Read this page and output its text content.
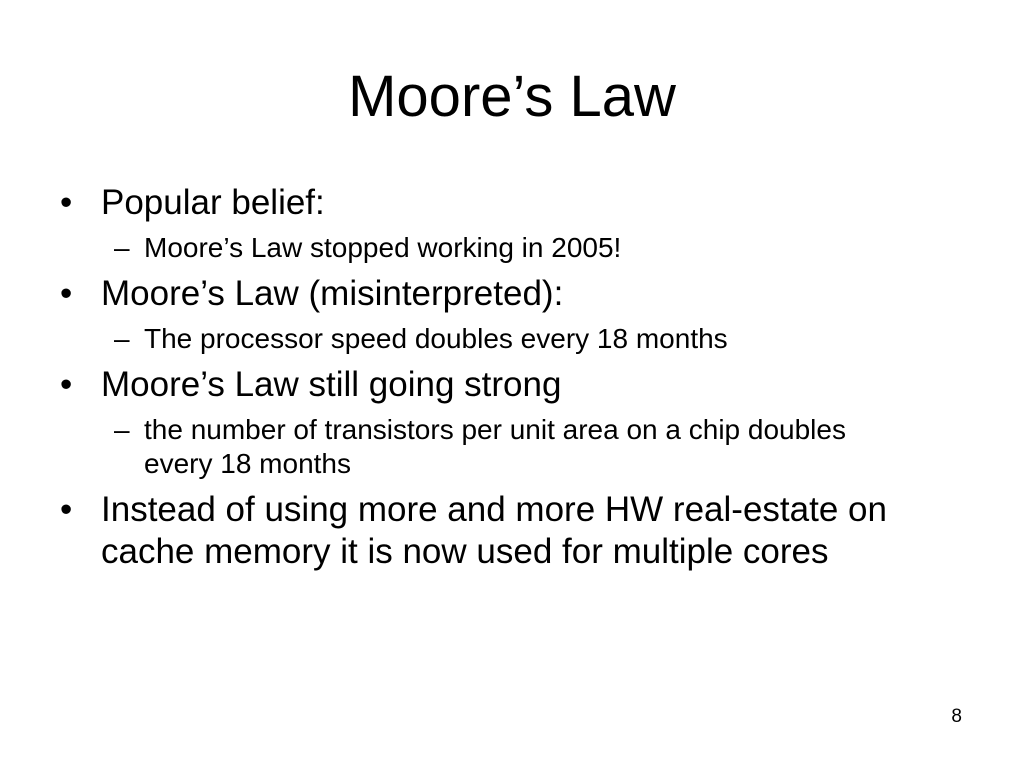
Moore’s Law
• Popular belief:
– Moore’s Law stopped working in 2005!
• Moore’s Law (misinterpreted):
– The processor speed doubles every 18 months
• Moore’s Law still going strong
– the number of transistors per unit area on a chip doubles every 18 months
• Instead of using more and more HW real-estate on cache memory it is now used for multiple cores
8
